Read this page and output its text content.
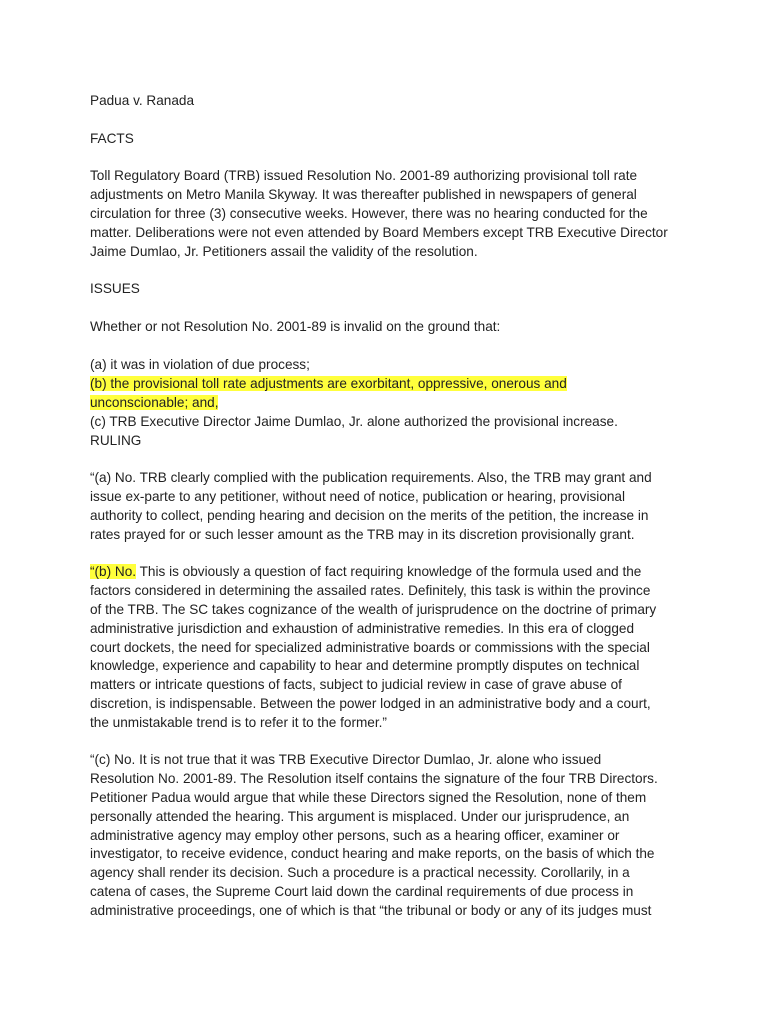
Padua v. Ranada
FACTS
Toll Regulatory Board (TRB) issued Resolution No. 2001-89 authorizing provisional toll rate
adjustments on Metro Manila Skyway. It was thereafter published in newspapers of general
circulation for three (3) consecutive weeks. However, there was no hearing conducted for the
matter. Deliberations were not even attended by Board Members except TRB Executive Director
Jaime Dumlao, Jr. Petitioners assail the validity of the resolution.
ISSUES
Whether or not Resolution No. 2001-89 is invalid on the ground that:
(a) it was in violation of due process;
(b) the provisional toll rate adjustments are exorbitant, oppressive, onerous and
unconscionable; and,
(c) TRB Executive Director Jaime Dumlao, Jr. alone authorized the provisional increase.
RULING
“(a) No. TRB clearly complied with the publication requirements. Also, the TRB may grant and
issue ex-parte to any petitioner, without need of notice, publication or hearing, provisional
authority to collect, pending hearing and decision on the merits of the petition, the increase in
rates prayed for or such lesser amount as the TRB may in its discretion provisionally grant.
“(b) No. This is obviously a question of fact requiring knowledge of the formula used and the
factors considered in determining the assailed rates. Definitely, this task is within the province
of the TRB. The SC takes cognizance of the wealth of jurisprudence on the doctrine of primary
administrative jurisdiction and exhaustion of administrative remedies. In this era of clogged
court dockets, the need for specialized administrative boards or commissions with the special
knowledge, experience and capability to hear and determine promptly disputes on technical
matters or intricate questions of facts, subject to judicial review in case of grave abuse of
discretion, is indispensable. Between the power lodged in an administrative body and a court,
the unmistakable trend is to refer it to the former.”
“(c) No. It is not true that it was TRB Executive Director Dumlao, Jr. alone who issued
Resolution No. 2001-89. The Resolution itself contains the signature of the four TRB Directors.
Petitioner Padua would argue that while these Directors signed the Resolution, none of them
personally attended the hearing. This argument is misplaced. Under our jurisprudence, an
administrative agency may employ other persons, such as a hearing officer, examiner or
investigator, to receive evidence, conduct hearing and make reports, on the basis of which the
agency shall render its decision. Such a procedure is a practical necessity. Corollarily, in a
catena of cases, the Supreme Court laid down the cardinal requirements of due process in
administrative proceedings, one of which is that “the tribunal or body or any of its judges must
